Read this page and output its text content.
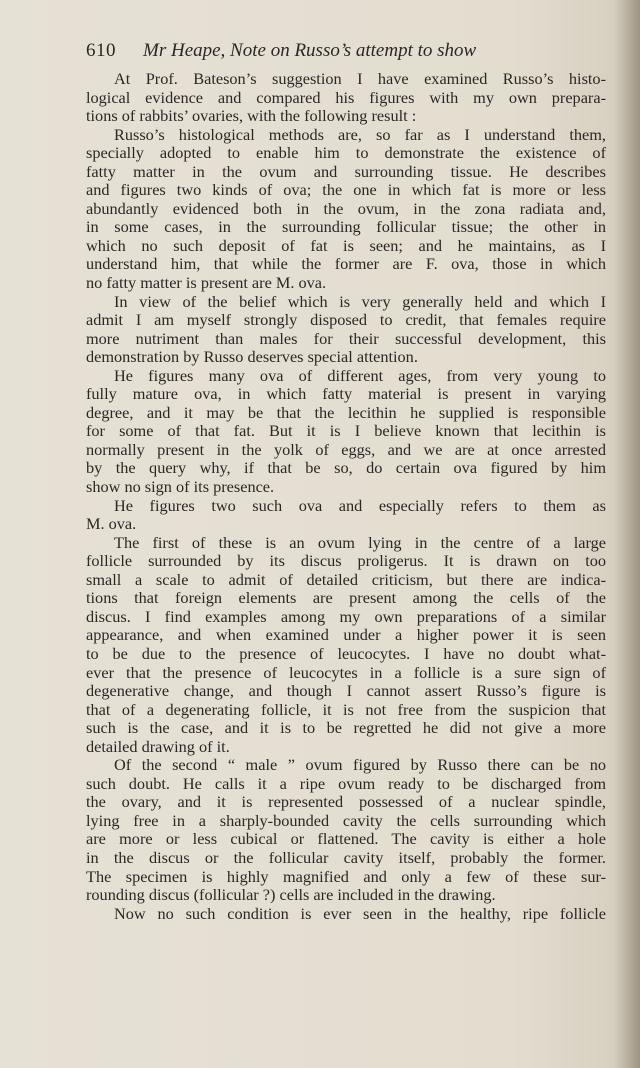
610 Mr Heape, Note on Russo’s attempt to show
At Prof. Bateson’s suggestion I have examined Russo’s histo-
logical evidence and compared his figures with my own prepara-
tions of rabbits’ ovaries, with the following result :
Russo’s histological methods are, so far as I understand them,
specially adopted to enable him to demonstrate the existence of
fatty matter in the ovum and surrounding tissue. He describes
and figures two kinds of ova; the one in which fat is more or less
abundantly evidenced both in the ovum, in the zona radiata and,
in some cases, in the surrounding follicular tissue; the other in
which no such deposit of fat is seen; and he maintains, as I
understand him, that while the former are F. ova, those in which
no fatty matter is present are M. ova.
In view of the belief which is very generally held and which I
admit I am myself strongly disposed to credit, that females require
more nutriment than males for their successful development, this
demonstration by Russo deserves special attention.
He figures many ova of different ages, from very young to
fully mature ova, in which fatty material is present in varying
degree, and it may be that the lecithin he supplied is responsible
for some of that fat. But it is I believe known that lecithin is
normally present in the yolk of eggs, and we are at once arrested
by the query why, if that be so, do certain ova figured by him
show no sign of its presence.
He figures two such ova and especially refers to them as
M. ova.
The first of these is an ovum lying in the centre of a large
follicle surrounded by its discus proligerus. It is drawn on too
small a scale to admit of detailed criticism, but there are indica-
tions that foreign elements are present among the cells of the
discus. I find examples among my own preparations of a similar
appearance, and when examined under a higher power it is seen
to be due to the presence of leucocytes. I have no doubt what-
ever that the presence of leucocytes in a follicle is a sure sign of
degenerative change, and though I cannot assert Russo’s figure is
that of a degenerating follicle, it is not free from the suspicion that
such is the case, and it is to be regretted he did not give a more
detailed drawing of it.
Of the second “ male ” ovum figured by Russo there can be no
such doubt. He calls it a ripe ovum ready to be discharged from
the ovary, and it is represented possessed of a nuclear spindle,
lying free in a sharply-bounded cavity the cells surrounding which
are more or less cubical or flattened. The cavity is either a hole
in the discus or the follicular cavity itself, probably the former.
The specimen is highly magnified and only a few of these sur-
rounding discus (follicular ?) cells are included in the drawing.
Now no such condition is ever seen in the healthy, ripe follicle
